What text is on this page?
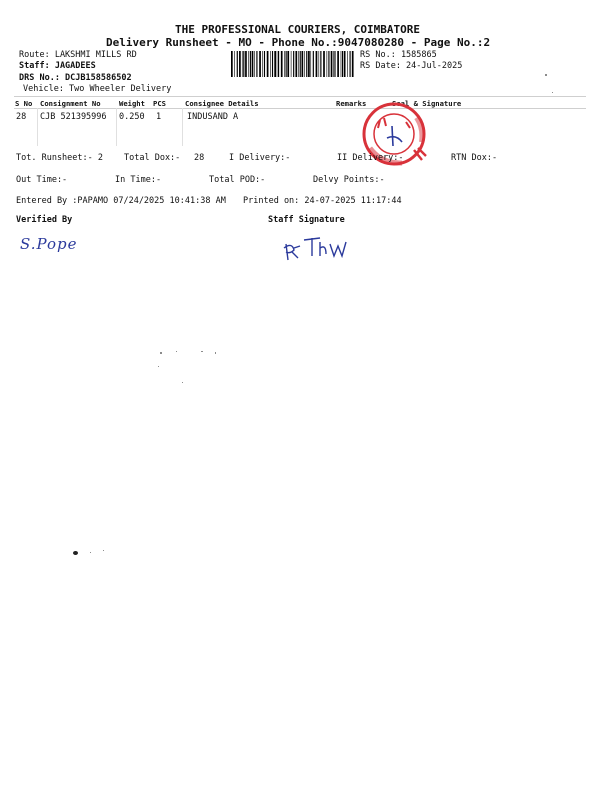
THE PROFESSIONAL COURIERS, COIMBATORE
Delivery Runsheet - MO - Phone No.:9047080280 - Page No.:2
Route: LAKSHMI MILLS RD
Staff: JAGADEES
DRS No.: DCJB158586502
Vehicle: Two Wheeler Delivery
RS No.: 1585865
RS Date: 24-Jul-2025
S No Consignment No	Weight PCS	Consignee Details	Remarks	Seal & Signature
28 CJB 521395996 0.250 1	INDUSAND A
Tot. Runsheet:- 2 Total Dox:- 28	I Delivery:-	II Delivery:-	RTN Dox:-
Out Time:-	In Time:-	Total POD:-	Delvy Points:-
Entered By :PAPAMO 07/24/2025 10:41:38 AM Printed on: 24-07-2025 11:17:44
Verified By	Staff Signature
S.Pope
